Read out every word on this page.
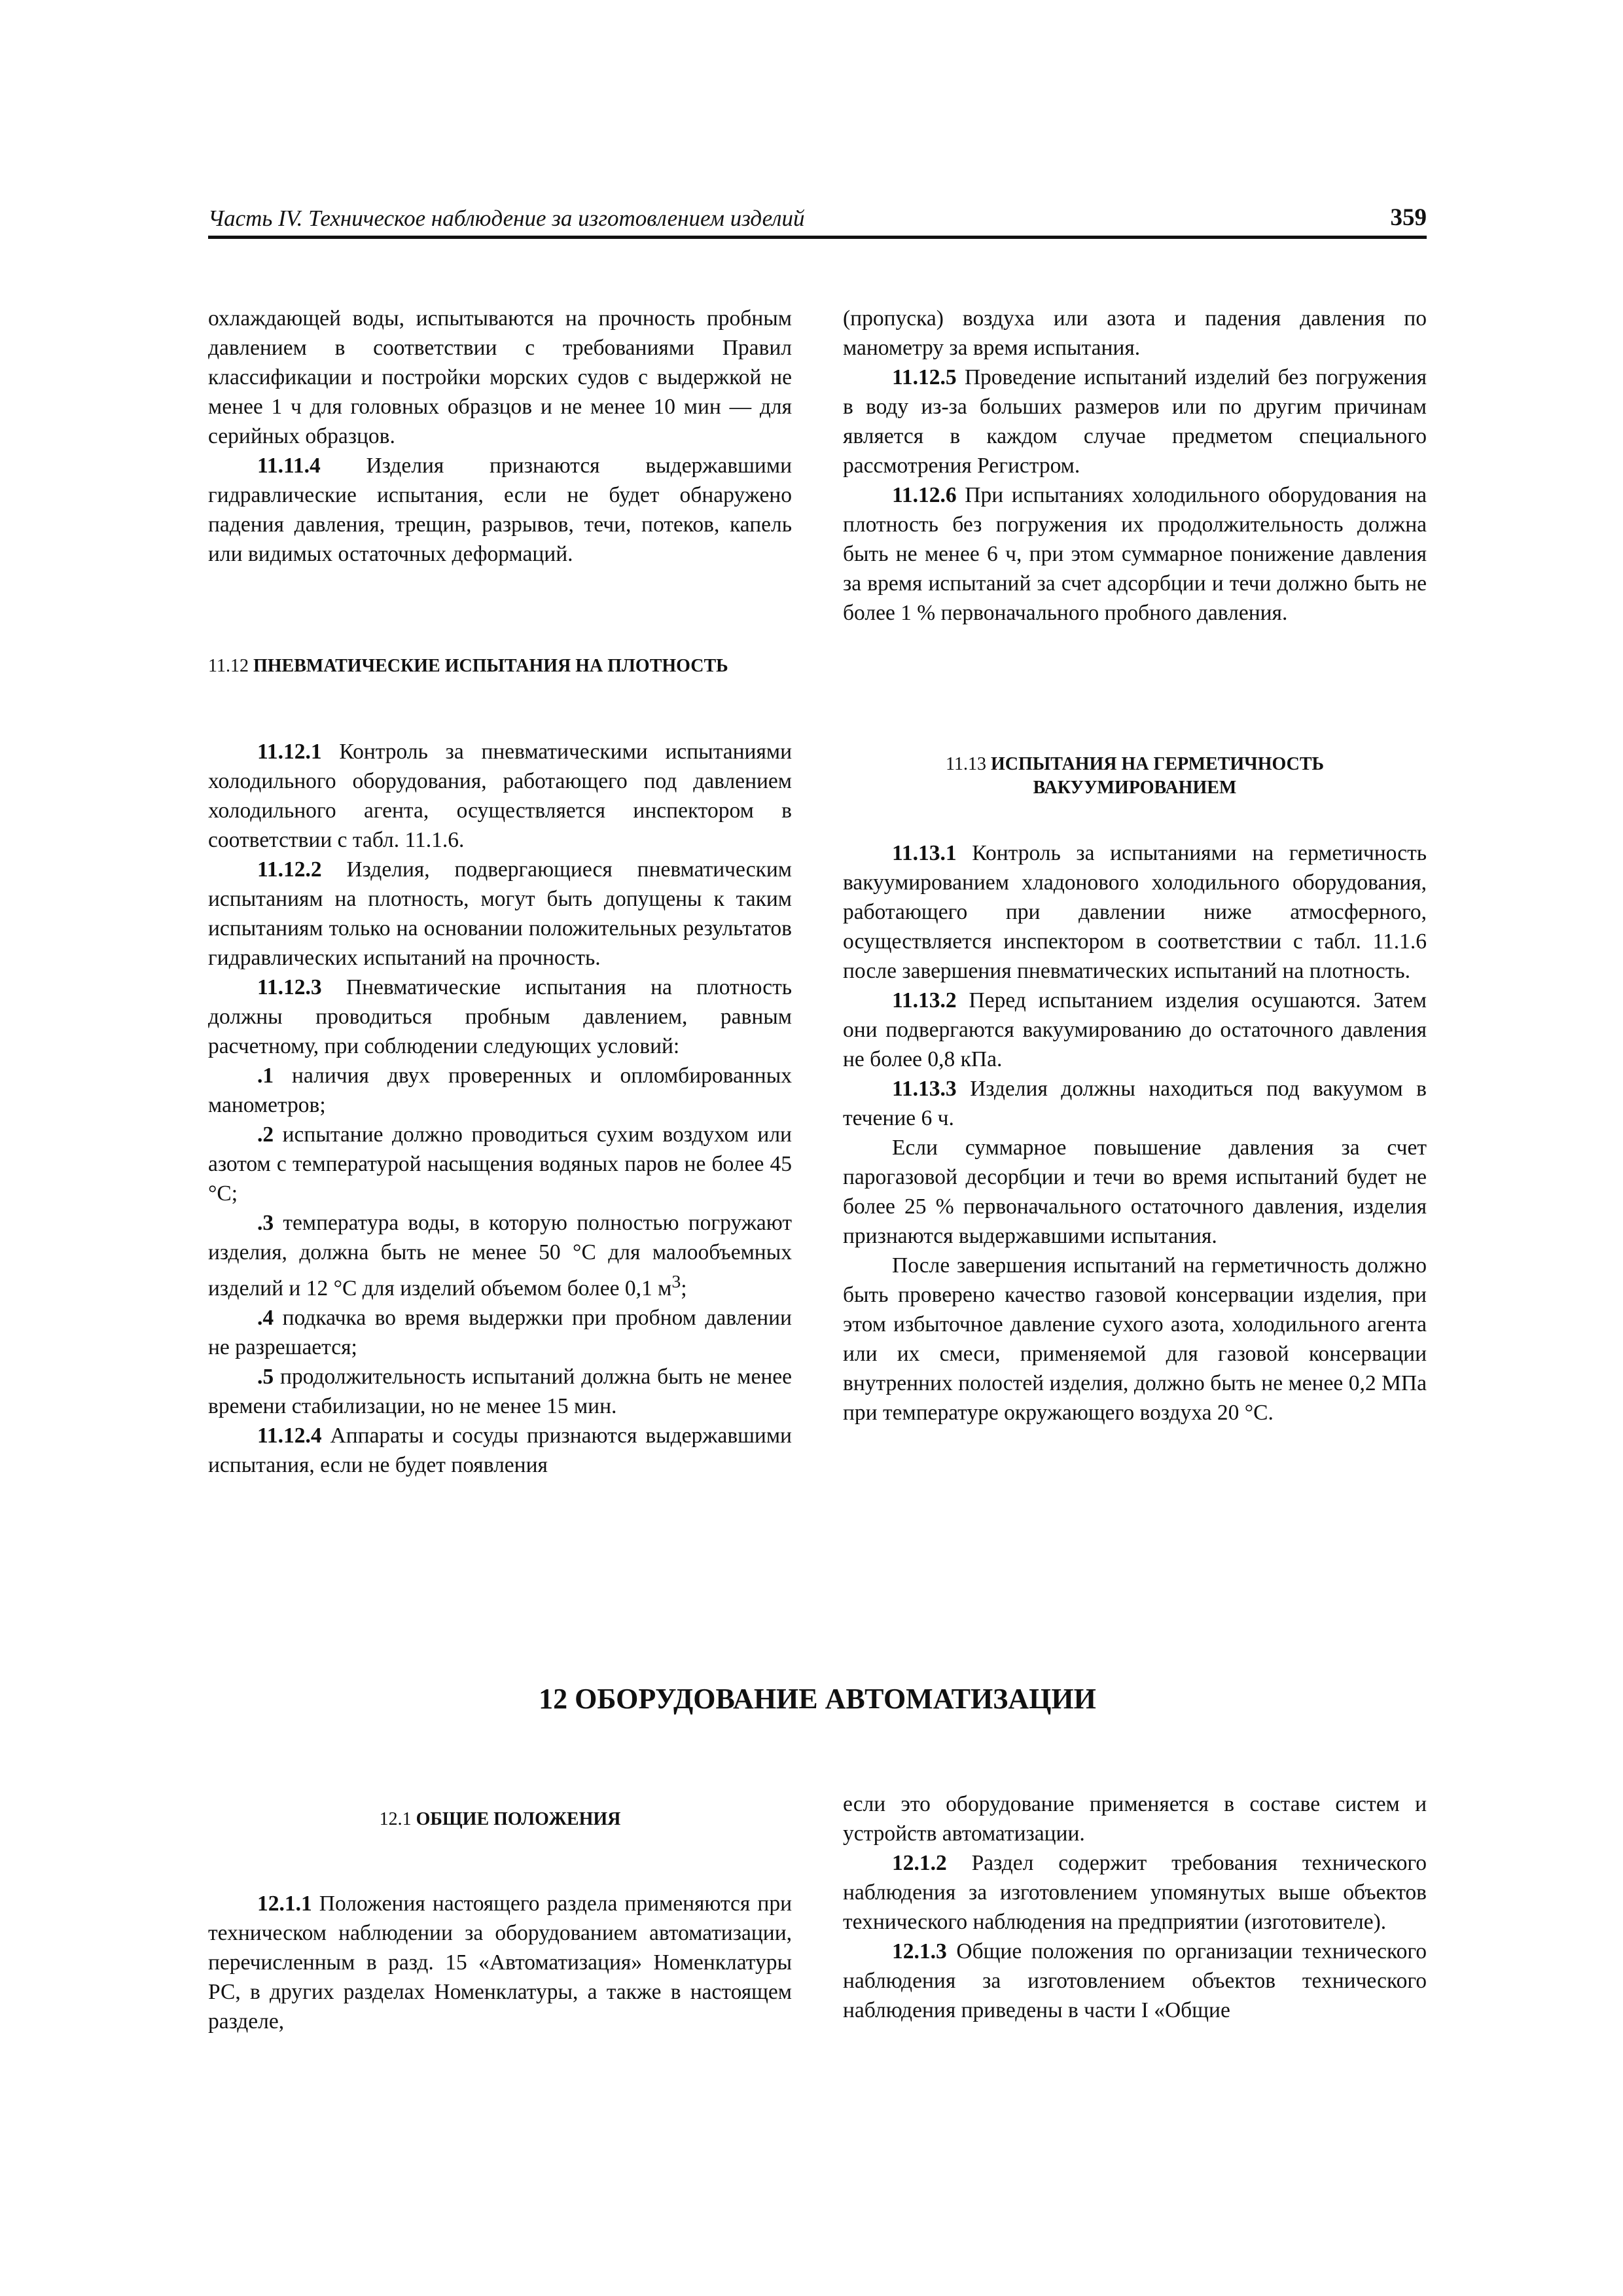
Часть IV. Техническое наблюдение за изготовлением изделий	359

охлаждающей воды, испытываются на прочность пробным давлением в соответствии с требованиями Правил классификации и постройки морских судов с выдержкой не менее 1 ч для головных образцов и не менее 10 мин — для серийных образцов.

11.11.4 Изделия признаются выдержавшими гидравлические испытания, если не будет обнаружено падения давления, трещин, разрывов, течи, потеков, капель или видимых остаточных деформаций.

11.12 ПНЕВМАТИЧЕСКИЕ ИСПЫТАНИЯ НА ПЛОТНОСТЬ

11.12.1 Контроль за пневматическими испытаниями холодильного оборудования, работающего под давлением холодильного агента, осуществляется инспектором в соответствии с табл. 11.1.6.

11.12.2 Изделия, подвергающиеся пневматическим испытаниям на плотность, могут быть допущены к таким испытаниям только на основании положительных результатов гидравлических испытаний на прочность.

11.12.3 Пневматические испытания на плотность должны проводиться пробным давлением, равным расчетному, при соблюдении следующих условий:

.1 наличия двух проверенных и опломбированных манометров;

.2 испытание должно проводиться сухим воздухом или азотом с температурой насыщения водяных паров не более 45 °С;

.3 температура воды, в которую полностью погружают изделия, должна быть не менее 50 °С для малообъемных изделий и 12 °С для изделий объемом более 0,1 $м^3$;

.4 подкачка во время выдержки при пробном давлении не разрешается;

.5 продолжительность испытаний должна быть не менее времени стабилизации, но не менее 15 мин.

11.12.4 Аппараты и сосуды признаются выдержавшими испытания, если не будет появления

(пропуска) воздуха или азота и падения давления по манометру за время испытания.

11.12.5 Проведение испытаний изделий без погружения в воду из-за больших размеров или по другим причинам является в каждом случае предметом специального рассмотрения Регистром.

11.12.6 При испытаниях холодильного оборудования на плотность без погружения их продолжительность должна быть не менее 6 ч, при этом суммарное понижение давления за время испытаний за счет адсорбции и течи должно быть не более 1 % первоначального пробного давления.

11.13 ИСПЫТАНИЯ НА ГЕРМЕТИЧНОСТЬ

ВАКУУМИРОВАНИЕМ

11.13.1 Контроль за испытаниями на герметичность вакуумированием хладонового холодильного оборудования, работающего при давлении ниже атмосферного, осуществляется инспектором в соответствии с табл. 11.1.6 после завершения пневматических испытаний на плотность.

11.13.2 Перед испытанием изделия осушаются. Затем они подвергаются вакуумированию до остаточного давления не более 0,8 кПа.

11.13.3 Изделия должны находиться под вакуумом в течение 6 ч.

Если суммарное повышение давления за счет парогазовой десорбции и течи во время испытаний будет не более 25 % первоначального остаточного давления, изделия признаются выдержавшими испытания.

После завершения испытаний на герметичность должно быть проверено качество газовой консервации изделия, при этом избыточное давление сухого азота, холодильного агента или их смеси, применяемой для газовой консервации внутренних полостей изделия, должно быть не менее 0,2 МПа при температуре окружающего воздуха 20 °С.

12 ОБОРУДОВАНИЕ АВТОМАТИЗАЦИИ

12.1 ОБЩИЕ ПОЛОЖЕНИЯ

12.1.1 Положения настоящего раздела применяются при техническом наблюдении за оборудованием автоматизации, перечисленным в разд. 15 «Автоматизация» Номенклатуры РС, в других разделах Номенклатуры, а также в настоящем разделе,

если это оборудование применяется в составе систем и устройств автоматизации.

12.1.2 Раздел содержит требования технического наблюдения за изготовлением упомянутых выше объектов технического наблюдения на предприятии (изготовителе).

12.1.3 Общие положения по организации технического наблюдения за изготовлением объектов технического наблюдения приведены в части I «Общие
